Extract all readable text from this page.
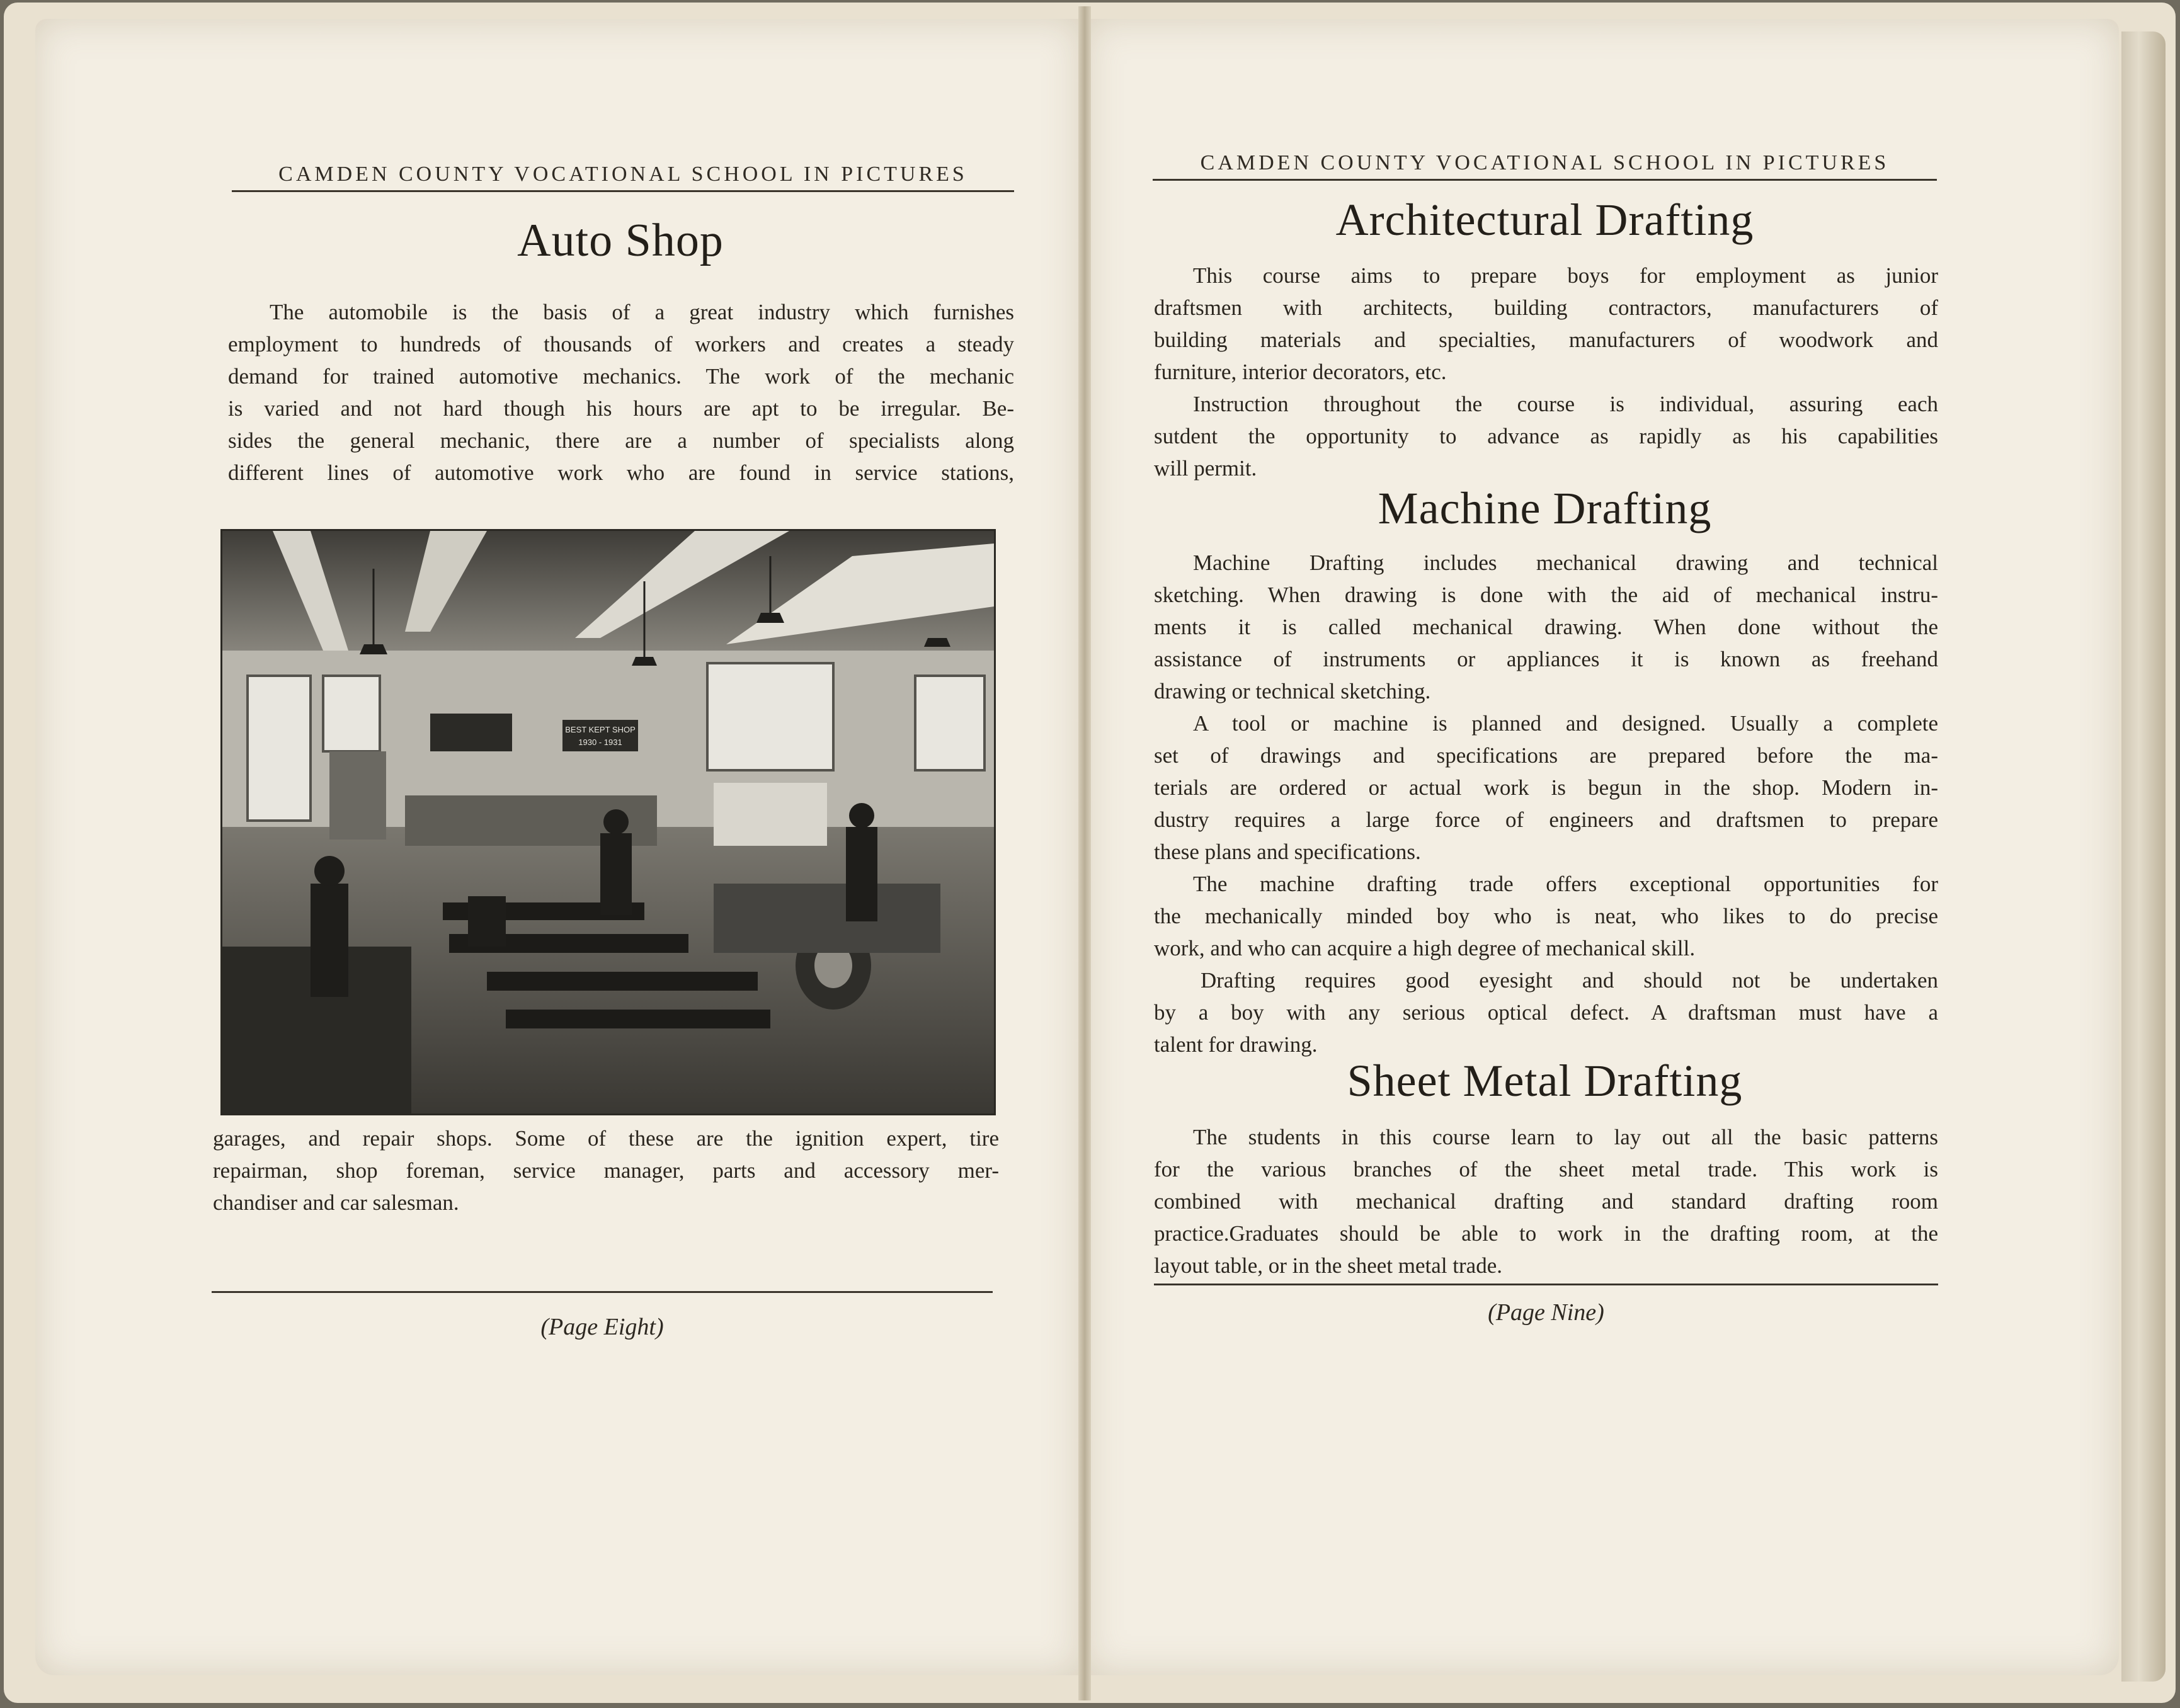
CAMDEN COUNTY VOCATIONAL SCHOOL IN PICTURES
Auto Shop
The automobile is the basis of a great industry which furnishes
employment to hundreds of thousands of workers and creates a steady
demand for trained automotive mechanics. The work of the mechanic
is varied and not hard though his hours are apt to be irregular. Be-
sides the general mechanic, there are a number of specialists along
different lines of automotive work who are found in service stations,
BEST KEPT SHOP
1930 - 1931
garages, and repair shops. Some of these are the ignition expert, tire
repairman, shop foreman, service manager, parts and accessory mer-
chandiser and car salesman.
(Page Eight)
CAMDEN COUNTY VOCATIONAL SCHOOL IN PICTURES
Architectural Drafting
This course aims to prepare boys for employment as junior
draftsmen with architects, building contractors, manufacturers of
building materials and specialties, manufacturers of woodwork and
furniture, interior decorators, etc.
Instruction throughout the course is individual, assuring each
sutdent the opportunity to advance as rapidly as his capabilities
will permit.
Machine Drafting
Machine Drafting includes mechanical drawing and technical
sketching. When drawing is done with the aid of mechanical instru-
ments it is called mechanical drawing. When done without the
assistance of instruments or appliances it is known as freehand
drawing or technical sketching.
A tool or machine is planned and designed. Usually a complete
set of drawings and specifications are prepared before the ma-
terials are ordered or actual work is begun in the shop. Modern in-
dustry requires a large force of engineers and draftsmen to prepare
these plans and specifications.
The machine drafting trade offers exceptional opportunities for
the mechanically minded boy who is neat, who likes to do precise
work, and who can acquire a high degree of mechanical skill.
Drafting requires good eyesight and should not be undertaken
by a boy with any serious optical defect. A draftsman must have a
talent for drawing.
Sheet Metal Drafting
The students in this course learn to lay out all the basic patterns
for the various branches of the sheet metal trade. This work is
combined with mechanical drafting and standard drafting room
practice.Graduates should be able to work in the drafting room, at the
layout table, or in the sheet metal trade.
(Page Nine)
